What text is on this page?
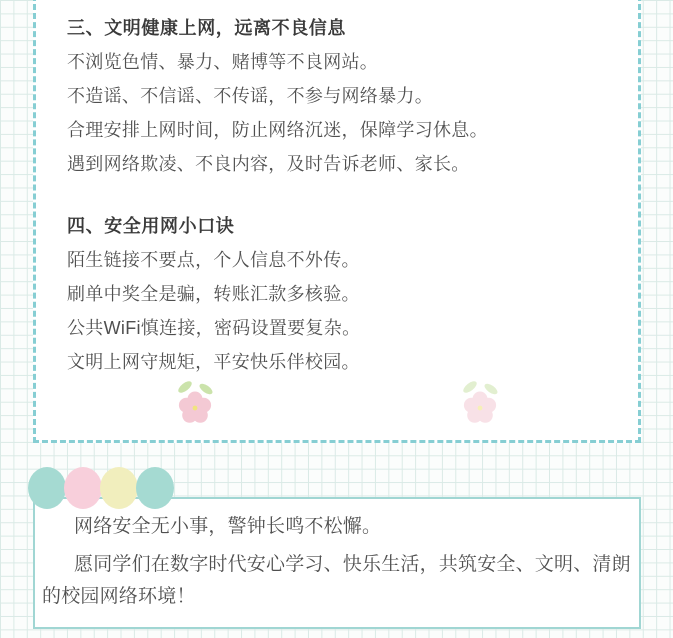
三、文明健康上网，远离不良信息

不浏览色情、暴力、赌博等不良网站。

不造谣、不信谣、不传谣，不参与网络暴力。

合理安排上网时间，防止网络沉迷，保障学习休息。

遇到网络欺凌、不良内容，及时告诉老师、家长。

四、安全用网小口诀

陌生链接不要点，个人信息不外传。

刷单中奖全是骗，转账汇款多核验。

公共WiFi慎连接，密码设置要复杂。

文明上网守规矩，平安快乐伴校园。

网络安全无小事，警钟长鸣不松懈。

愿同学们在数字时代安心学习、快乐生活，共筑安全、文明、清朗的校园网络环境！
